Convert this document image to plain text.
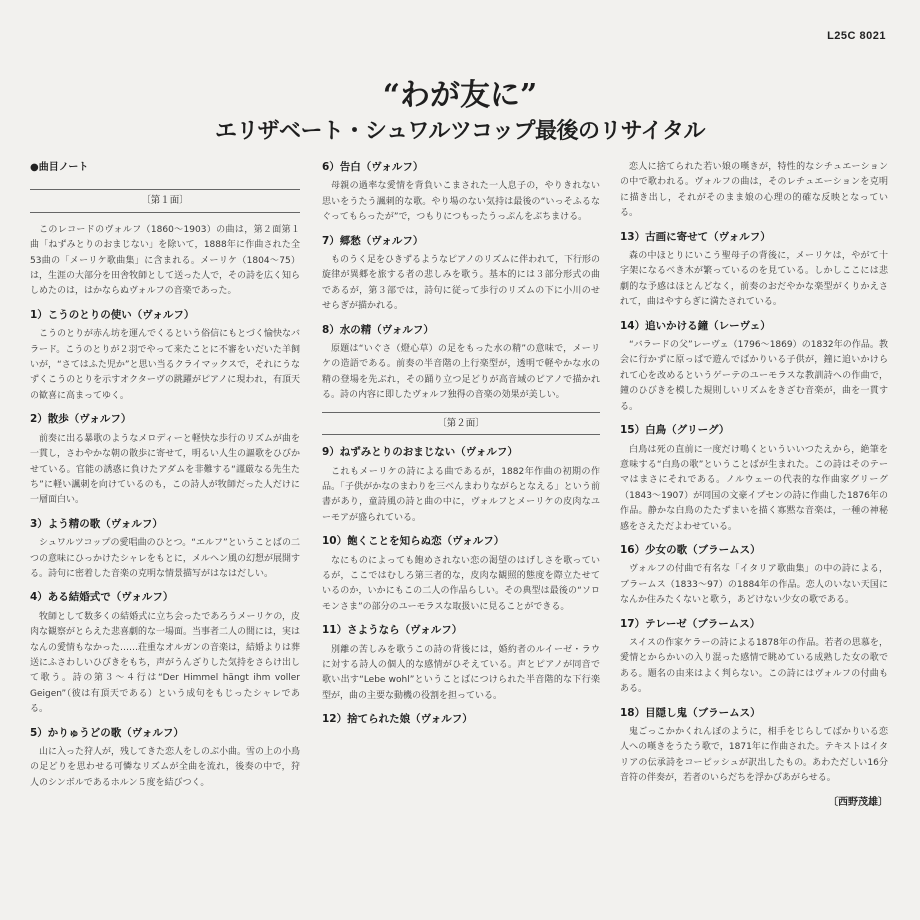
L25C 8021
“わが友に”
エリザベート・シュワルツコップ最後のリサイタル
●曲目ノート
〔第１面〕

このレコードのヴォルフ（1860～1903）の曲は，第２面第１曲「ねずみとりのおまじない」を除いて，1888年に作曲された全53曲の「メーリケ歌曲集」に含まれる。メーリケ（1804～75）は，生涯の大部分を田舎牧師として送った人で，その詩を広く知らしめたのは，はかならぬヴォルフの音楽であった。

1）こうのとりの使い（ヴォルフ）

こうのとりが赤ん坊を運んでくるという俗信にもとづく愉快なバラード。こうのとりが２羽でやって来たことに不審をいだいた羊飼いが，“さてはふた児か”と思い当るクライマックスで，それにうなずくこうのとりを示すオクターヴの跳躍がピアノに現われ，有頂天の歓喜に高まってゆく。

2）散歩（ヴォルフ）

前奏に出る暴歌のようなメロディーと軽快な歩行のリズムが曲を一貫し，さわやかな朝の散歩に寄せて，明るい人生の謳歌をひびかせている。官能の誘惑に負けたアダムを非難する“謹厳なる先生たち”に軽い諷刺を向けているのも，この詩人が牧師だった人だけに一層面白い。

3）よう精の歌（ヴォルフ）

シュワルツコップの愛唱曲のひとつ。“エルフ”ということばの二つの意味にひっかけたシャレをもとに，メルヘン風の幻想が展開する。詩句に密着した音楽の克明な情景描写がはなはだしい。

4）ある結婚式で（ヴォルフ）

牧師として数多くの結婚式に立ち会ったであろうメーリケの，皮肉な観察がとらえた悲喜劇的な一場面。当事者二人の間には，実はなんの愛情もなかった……荘重なオルガンの音楽は，結婚よりは葬送にふさわしいひびきをもち，声がうんざりした気持をさらけ出して歌う。詩の第３～４行は“Der Himmel hängt ihm voller Geigen”（彼は有頂天である）という成句をもじったシャレである。

5）かりゅうどの歌（ヴォルフ）

山に入った狩人が，残してきた恋人をしのぶ小曲。雪の上の小鳥の足どりを思わせる可憐なリズムが全曲を流れ，後奏の中で，狩人のシンボルであるホルン５度を結びつく。

6）告白（ヴォルフ）

母親の過率な愛情を背負いこまされた一人息子の，やりきれない思いをうたう諷刺的な歌。やり場のない気持は最後の“いっそふるなぐってもらったが”で，つもりにつもったうっぷんをぶちまける。

7）郷愁（ヴォルフ）

ものうく足をひきずるようなピアノのリズムに伴われて，下行形の旋律が異郷を旅する者の悲しみを歌う。基本的には３部分形式の曲であるが，第３部では，詩句に従って歩行のリズムの下に小川のせせらぎが描かれる。

8）水の精（ヴォルフ）

原題は“いぐさ（燈心草）の足をもった水の精”の意味で，メーリケの造語である。前奏の半音階の上行楽型が，透明で軽やかな水の精の登場を先ぶれ，その踊り立つ足どりが高音域のピアノで描かれる。詩の内容に即したヴォルフ独得の音楽の効果が美しい。

〔第２面〕
9）ねずみとりのおまじない（ヴォルフ）

これもメーリケの詩による曲であるが，1882年作曲の初期の作品。「子供がかなのまわりを三べんまわりながらとなえる」という前書があり，童詩風の詩と曲の中に，ヴォルフとメーリケの皮肉なユーモアが盛られている。

10）飽くことを知らぬ恋（ヴォルフ）

なにものによっても飽めされない恋の渇望のはげしさを歌っているが，ここではむしろ第三者的な，皮肉な観照的態度を際立たせているのか，いかにもこの二人の作品らしい。その典型は最後の“ソロモンさま”の部分のユーモラスな取扱いに見ることができる。

11）さようなら（ヴォルフ）

別離の苦しみを歌うこの詩の背後には，婚約者のルイーゼ・ラウに対する詩人の個人的な感情がひそえている。声とピアノが同音で歌い出す“Lebe wohl”ということばにつけられた半音階的な下行楽型が，曲の主要な動機の役割を担っている。

12）捨てられた娘（ヴォルフ）

恋人に捨てられた若い娘の嘆きが，特性的なシチュエーションの中で歌われる。ヴォルフの曲は，そのレチュエーションを克明に描き出し，それがそのまま娘の心理の的確な反映となっている。

13）古画に寄せて（ヴォルフ）

森の中ほとりにいこう聖母子の背後に，メーリケは，やがて十字架になるべき木が繁っているのを見ている。しかしここには悲劇的な予感はほとんどなく，前奏のおだやかな楽型がくりかえされて，曲はやすらぎに満たされている。

14）追いかける鐘（レーヴェ）

“バラードの父”レーヴェ（1796～1869）の1832年の作品。教会に行かずに原っぱで遊んでばかりいる子供が，鐘に追いかけられて心を改めるというゲーテのユーモラスな教訓詩への作曲で，鐘のひびきを模した規則しいリズムをきざむ音楽が，曲を一貫する。

15）白鳥（グリーグ）

白鳥は死の直前に一度だけ鳴くといういいつたえから，絶筆を意味する“白鳥の歌”ということばが生まれた。この詩はそのテーマはまさにそれである。ノルウェーの代表的な作曲家グリーグ（1843～1907）が同国の文豪イプセンの詩に作曲した1876年の作品。静かな白鳥のたたずまいを描く寡黙な音楽は，一種の神秘感をさえただよわせている。

16）少女の歌（ブラームス）

ヴォルフの付曲で有名な「イタリア歌曲集」の中の詩による，ブラームス（1833～97）の1884年の作品。恋人のいない天国になんか住みたくないと歌う，あどけない少女の歌である。

17）テレーゼ（ブラームス）

スイスの作家ケラーの詩による1878年の作品。若者の思慕を，愛情とからかいの入り混った感情で眺めている成熟した女の歌である。題名の由来はよく判らない。この詩にはヴォルフの付曲もある。

18）目隠し鬼（ブラームス）

鬼ごっこかかくれんぼのように，相手をじらしてばかりいる恋人への嘆きをうたう歌で，1871年に作曲された。テキストはイタリアの伝承詩をコーピッシュが訳出したもの。あわただしい16分音符の伴奏が，若者のいらだちを浮かびあがらせる。

〔西野茂雄〕
